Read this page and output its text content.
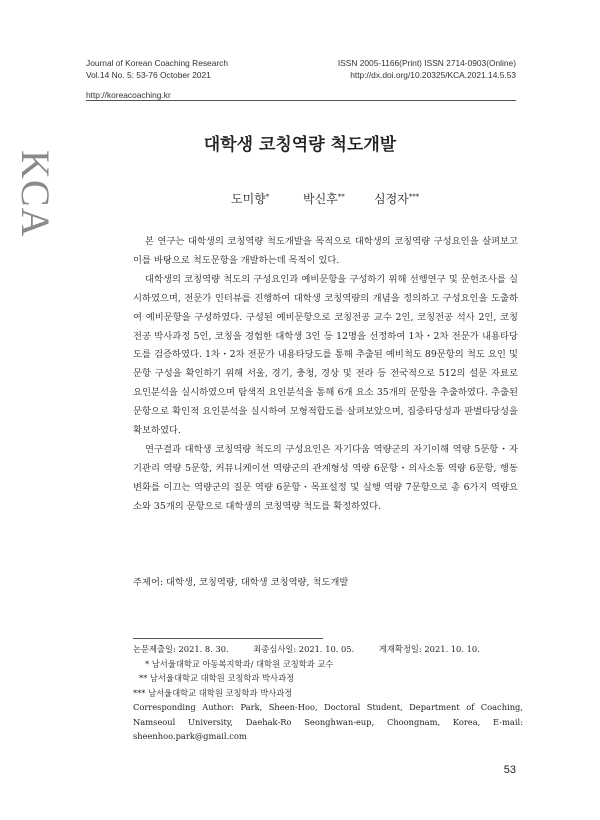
Journal of Korean Coaching Research
Vol.14 No. 5: 53-76 October 2021
ISSN 2005-1166(Print) ISSN 2714-0903(Online)
http://dx.doi.org/10.20325/KCA.2021.14.5.53
http://koreacoaching.kr
KCA
대학생 코칭역량 척도개발
도미향*	박신후** 심정자***

본 연구는 대학생의 코칭역량 척도개발을 목적으로 대학생의 코칭역량 구성요인을 살펴보고 이를 바탕으로 척도문항을 개발하는데 목적이 있다.

대학생의 코칭역량 척도의 구성요인과 예비문항을 구성하기 위해 선행연구 및 문헌조사를 실시하였으며, 전문가 인터뷰를 진행하여 대학생 코칭역량의 개념을 정의하고 구성요인을 도출하여 예비문항을 구성하였다. 구성된 예비문항으로 코칭전공 교수 2인, 코칭전공 석사 2인, 코칭전공 박사과정 5인, 코칭을 경험한 대학생 3인 등 12명을 선정하여 1차・2차 전문가 내용타당도를 검증하였다. 1차・2차 전문가 내용타당도를 통해 추출된 예비척도 89문항의 척도 요인 및 문항 구성을 확인하기 위해 서울, 경기, 충청, 경상 및 전라 등 전국적으로 512의 설문 자료로 요인분석을 실시하였으며 탐색적 요인분석을 통해 6개 요소 35개의 문항을 추출하였다. 추출된 문항으로 확인적 요인분석을 실시하여 모형적합도를 살펴보았으며, 집중타당성과 판별타당성을 확보하였다.

연구결과 대학생 코칭역량 척도의 구성요인은 자기다움 역량군의 자기이해 역량 5문항・자기관리 역량 5문항, 커뮤니케이션 역량군의 관계형성 역량 6문항・의사소통 역량 6문항, 행동변화를 이끄는 역량군의 질문 역량 6문항・목표설정 및 실행 역량 7문항으로 총 6가지 역량요소와 35개의 문항으로 대학생의 코칭역량 척도를 확정하였다.

주제어: 대학생, 코칭역량, 대학생 코칭역량, 척도개발
논문제출일: 2021. 8. 30.	최종심사일: 2021. 10. 05.	게재확정일: 2021. 10. 10.
* 남서울대학교 아동복지학과/ 대학원 코칭학과 교수
** 남서울대학교 대학원 코칭학과 박사과정
*** 남서울대학교 대학원 코칭학과 박사과정
Corresponding Author: Park, Sheen-Hoo, Doctoral Student, Department of Coaching, Namseoul University, Daehak-Ro Seonghwan-eup, Choongnam, Korea, E-mail: sheenhoo.park@gmail.com
53
